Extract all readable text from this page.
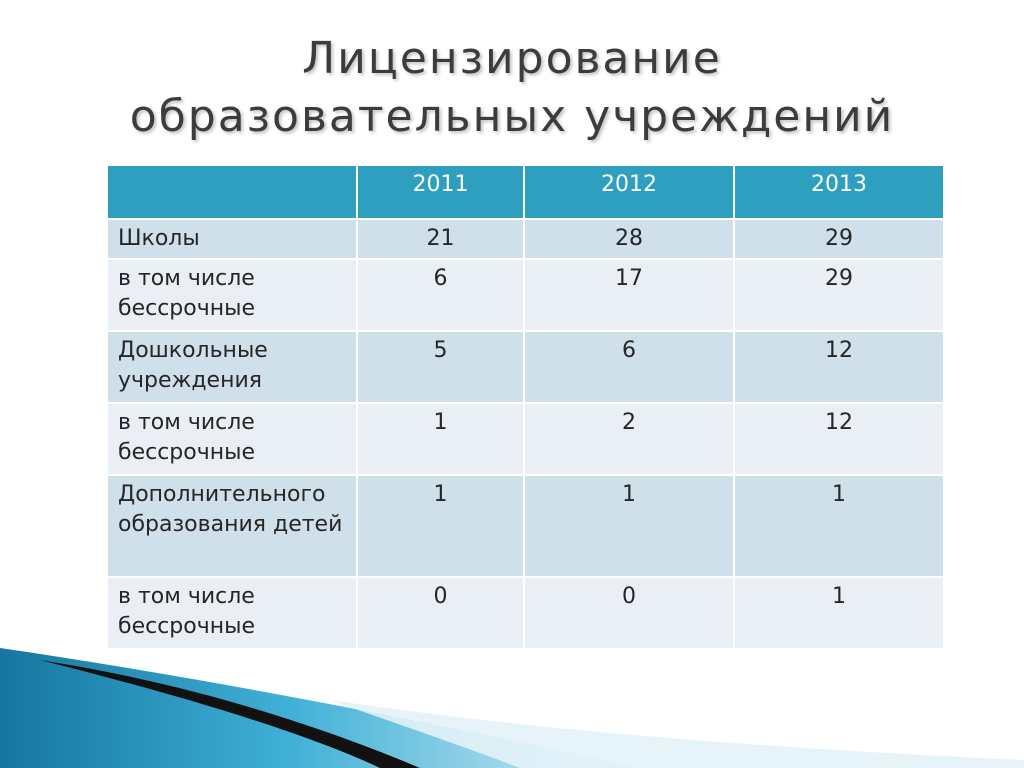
Лицензирование
образовательных учреждений
	2011	2012	2013
Школы	21	28	29
в том числе бессрочные	6	17	29
Дошкольные учреждения	5	6	12
в том числе бессрочные	1	2	12
Дополнительного образования детей	1	1	1
в том числе бессрочные	0	0	1
